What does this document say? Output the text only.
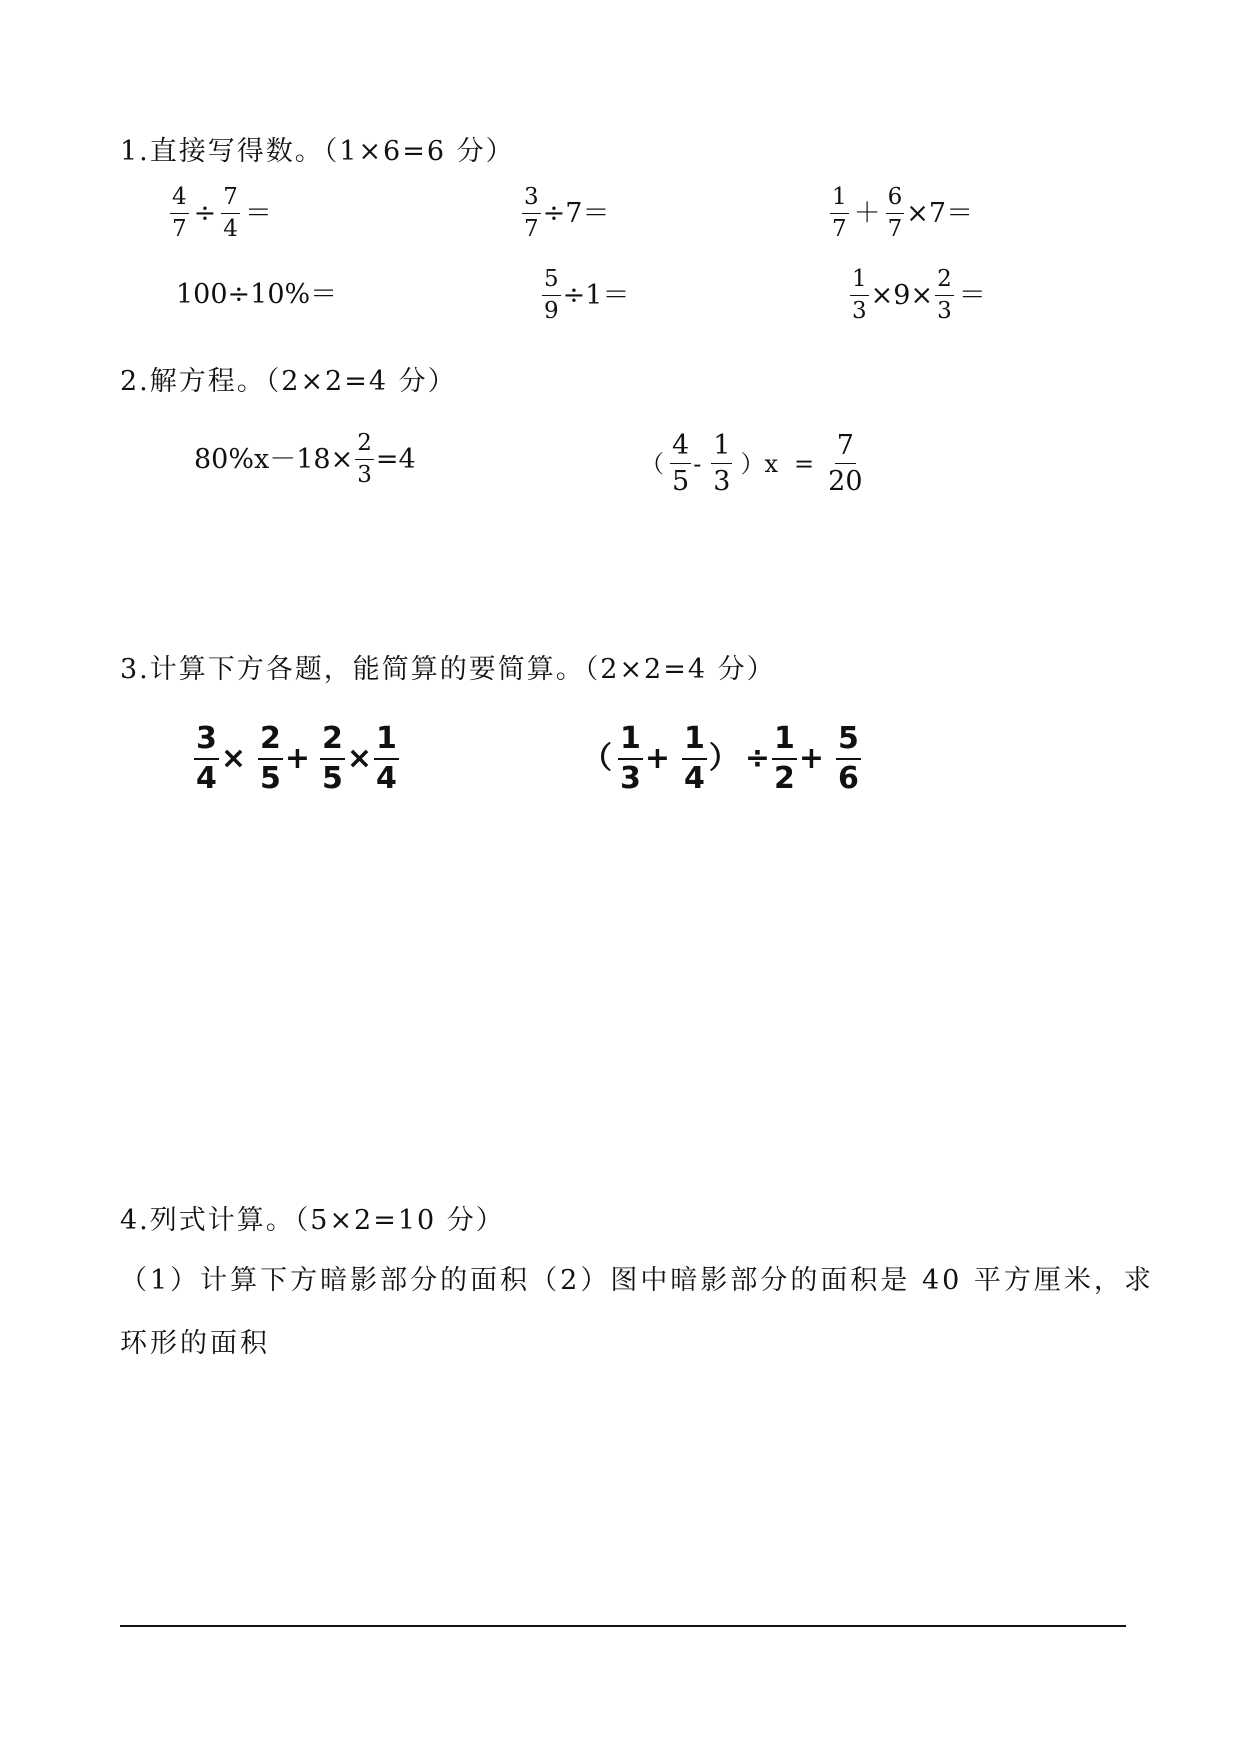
1.直接写得数。（1×6=6 分）
$\frac{4}{7} \div \frac{7}{4}$ ＝	$\frac{3}{7} \div 7=$	$\frac{1}{7} + \frac{6}{7} \times 7=$
100÷10%＝	$\frac{5}{9} \div 1=$	$\frac{1}{3} \times 9\times \frac{2}{3}$ ＝
2.解方程。（2×2=4 分）
$80\%x-18\times \frac{2}{3} =4$	（ $\frac{4}{5} - \frac{1}{3} )x = \frac{7}{20}$
3.计算下方各题，能简算的要简算。（2×2=4 分）
$\frac{3}{4} \times \frac{2}{5} + \frac{2}{5} \times \frac{1}{4}$	（ $\frac{1}{3} + \frac{1}{4}$ ） ÷ $\frac{1}{2} + \frac{5}{6}$
4.列式计算。（5×2=10 分）
（1）计算下方暗影部分的面积（2）图中暗影部分的面积是 40 平方厘米，求
环形的面积
